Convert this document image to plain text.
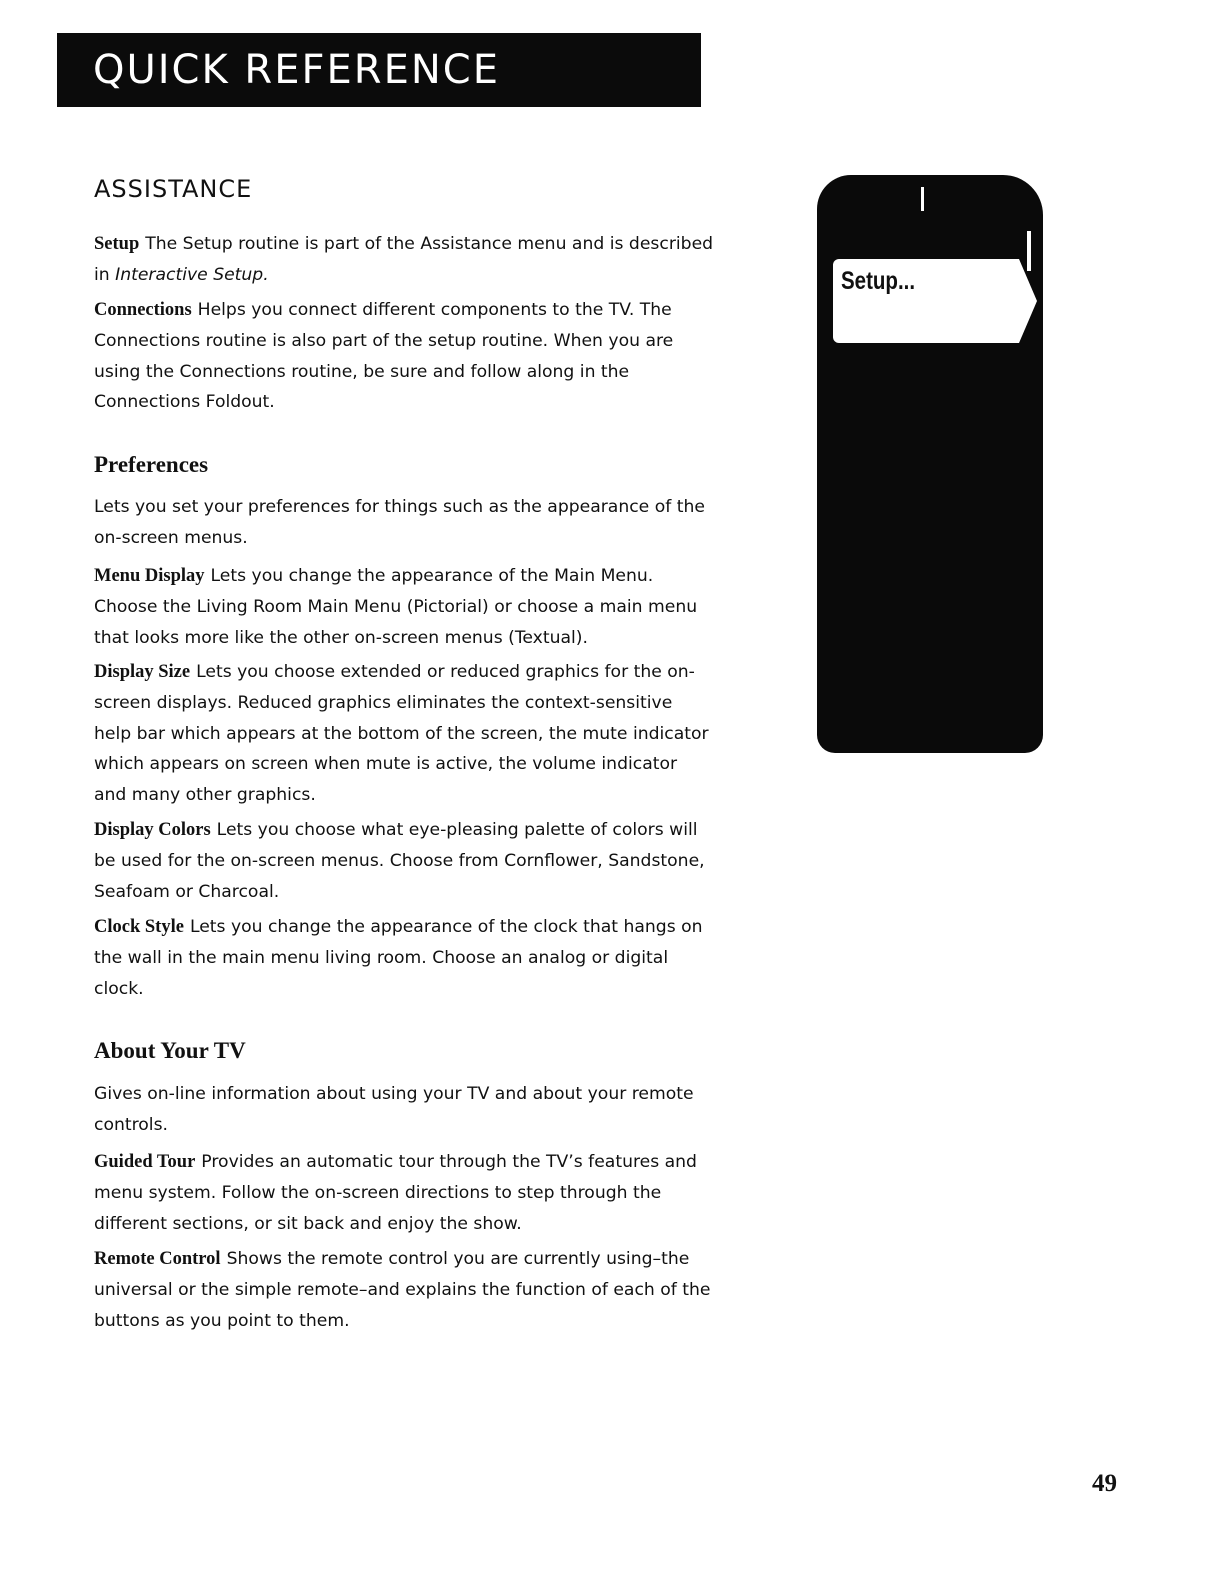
QUICK REFERENCE
ASSISTANCE

Setup The Setup routine is part of the Assistance menu and is described in Interactive Setup.

Connections Helps you connect different components to the TV. The Connections routine is also part of the setup routine. When you are using the Connections routine, be sure and follow along in the Connections Foldout.

Preferences

Lets you set your preferences for things such as the appearance of the on-screen menus.

Menu Display Lets you change the appearance of the Main Menu. Choose the Living Room Main Menu (Pictorial) or choose a main menu that looks more like the other on-screen menus (Textual).

Display Size Lets you choose extended or reduced graphics for the on-screen displays. Reduced graphics eliminates the context-sensitive help bar which appears at the bottom of the screen, the mute indicator which appears on screen when mute is active, the volume indicator and many other graphics.

Display Colors Lets you choose what eye-pleasing palette of colors will be used for the on-screen menus. Choose from Cornflower, Sandstone, Seafoam or Charcoal.

Clock Style Lets you change the appearance of the clock that hangs on the wall in the main menu living room. Choose an analog or digital clock.

About Your TV

Gives on-line information about using your TV and about your remote controls.

Guided Tour Provides an automatic tour through the TV’s features and menu system. Follow the on-screen directions to step through the different sections, or sit back and enjoy the show.

Remote Control Shows the remote control you are currently using–the universal or the simple remote–and explains the function of each of the buttons as you point to them.

Setup...

49
